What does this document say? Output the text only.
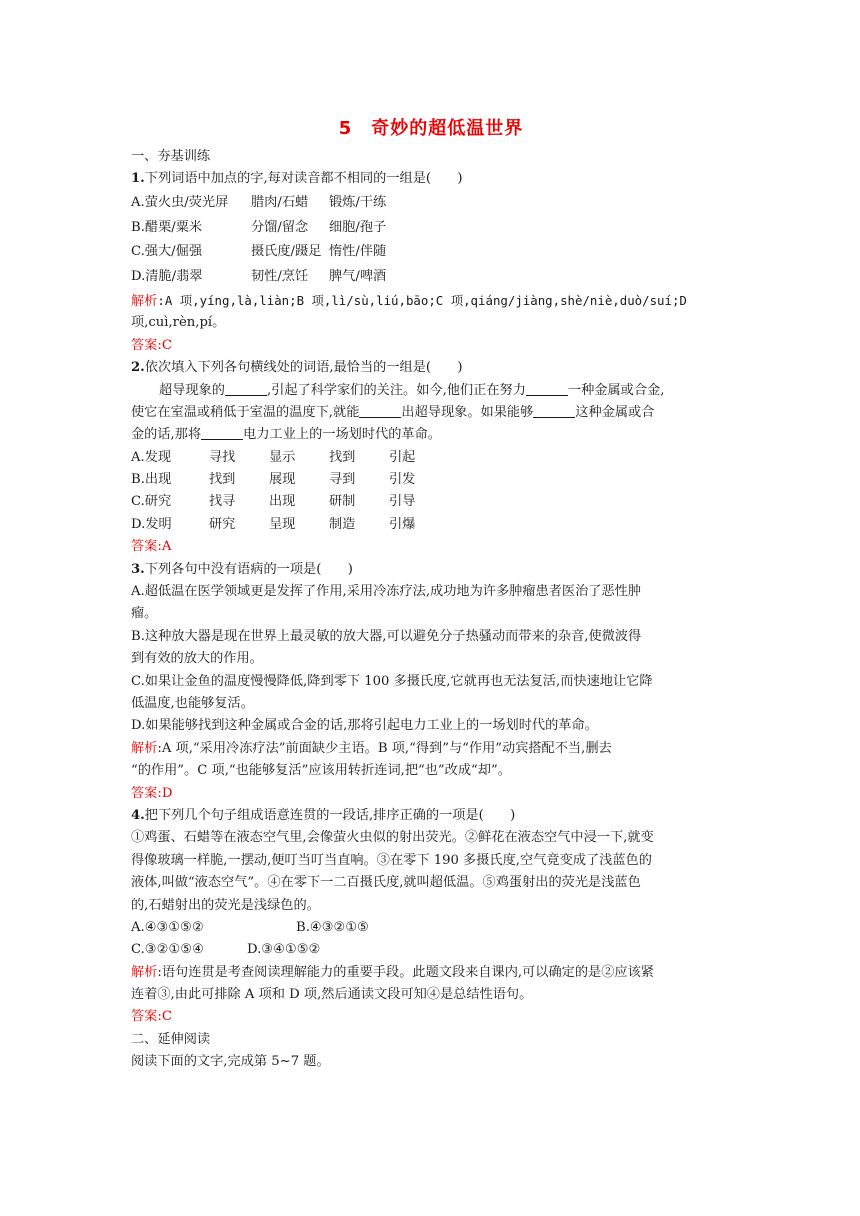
5　奇妙的超低温世界
一、夯基训练
1.下列词语中加点的字,每对读音都不相同的一组是(　　)
A.萤火虫/荧光屏 腊肉/石蜡 锻炼/干练
B.醋栗/粟米	分馏/留念 细胞/孢子
C.强大/倔强	摄氏度/蹑足 惰性/伴随
D.清脆/翡翠	韧性/烹饪 脾气/啤酒
解析:A 项,yíng,là,liàn;B 项,lì/sù,liú,bāo;C 项,qiáng/jiàng,shè/niè,duò/suí;D
项,cuì,rèn,pí。
答案:C
2.依次填入下列各句横线处的词语,最恰当的一组是(　　)
超导现象的	,引起了科学家们的关注。如今,他们正在努力	一种金属或合金,
使它在室温或稍低于室温的温度下,就能	出超导现象。如果能够	这种金属或合
金的话,那将	电力工业上的一场划时代的革命。
A.发现	寻找	显示	找到	引起
B.出现	找到	展现	寻到	引发
C.研究	找寻	出现	研制	引导
D.发明	研究	呈现	制造	引爆
答案:A
3.下列各句中没有语病的一项是(　　)
A.超低温在医学领域更是发挥了作用,采用冷冻疗法,成功地为许多肿瘤患者医治了恶性肿
瘤。
B.这种放大器是现在世界上最灵敏的放大器,可以避免分子热骚动而带来的杂音,使微波得
到有效的放大的作用。
C.如果让金鱼的温度慢慢降低,降到零下 100 多摄氏度,它就再也无法复活,而快速地让它降
低温度,也能够复活。
D.如果能够找到这种金属或合金的话,那将引起电力工业上的一场划时代的革命。
解析:A 项,“采用冷冻疗法”前面缺少主语。B 项,“得到”与“作用”动宾搭配不当,删去
“的作用”。C 项,“也能够复活”应该用转折连词,把“也”改成“却”。
答案:D
4.把下列几个句子组成语意连贯的一段话,排序正确的一项是(　　)
①鸡蛋、石蜡等在液态空气里,会像萤火虫似的射出荧光。②鲜花在液态空气中浸一下,就变
得像玻璃一样脆,一摆动,便叮当叮当直响。③在零下 190 多摄氏度,空气竟变成了浅蓝色的
液体,叫做“液态空气”。④在零下一二百摄氏度,就叫超低温。⑤鸡蛋射出的荧光是浅蓝色
的,石蜡射出的荧光是浅绿色的。
A.④③①⑤②	B.④③②①⑤
C.③②①⑤④	D.③④①⑤②
解析:语句连贯是考查阅读理解能力的重要手段。此题文段来自课内,可以确定的是②应该紧
连着③,由此可排除 A 项和 D 项,然后通读文段可知④是总结性语句。
答案:C
二、延伸阅读
阅读下面的文字,完成第 5~7 题。
